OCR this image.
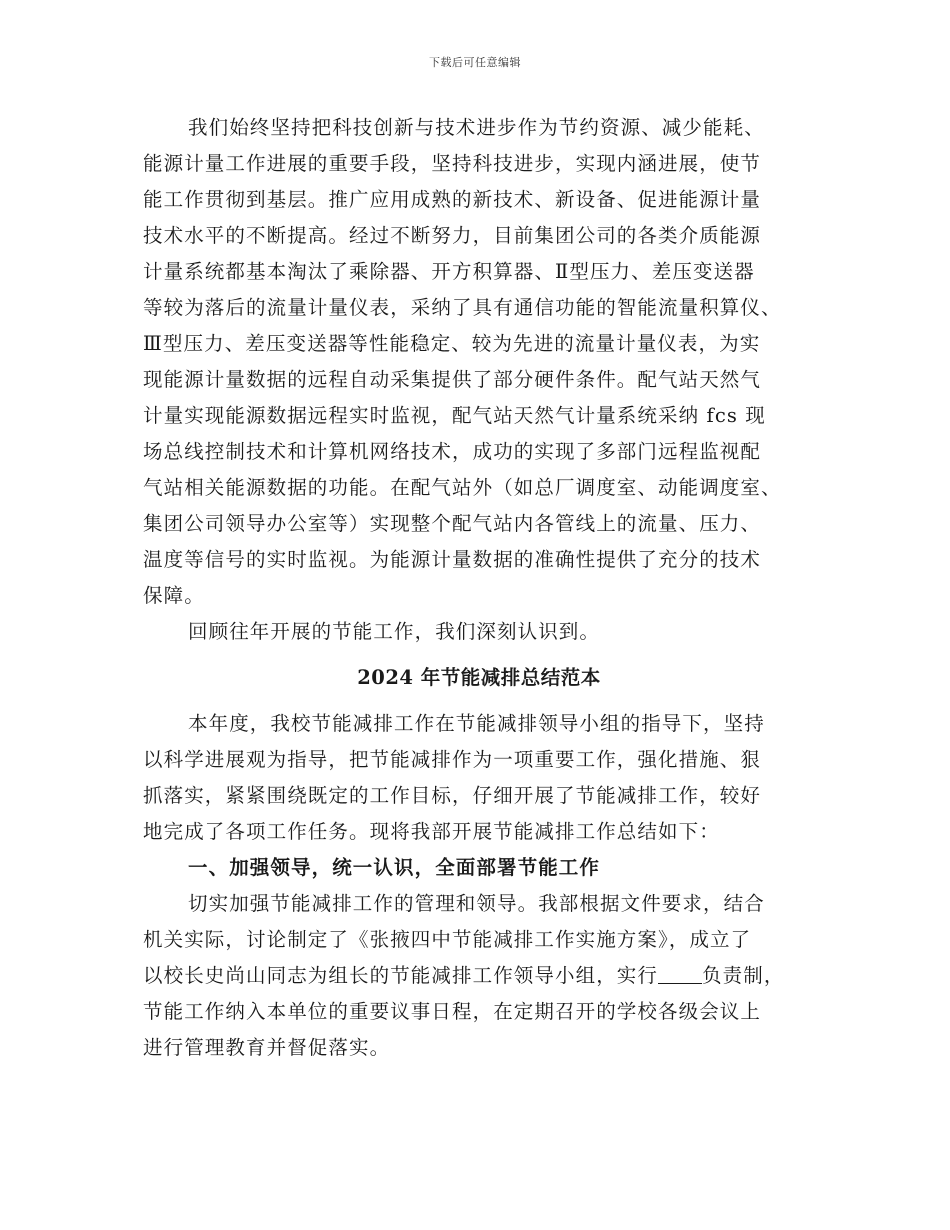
下载后可任意编辑
我们始终坚持把科技创新与技术进步作为节约资源、减少能耗、
能源计量工作进展的重要手段，坚持科技进步，实现内涵进展，使节
能工作贯彻到基层。推广应用成熟的新技术、新设备、促进能源计量
技术水平的不断提高。经过不断努力，目前集团公司的各类介质能源
计量系统都基本淘汰了乘除器、开方积算器、Ⅱ型压力、差压变送器
等较为落后的流量计量仪表，采纳了具有通信功能的智能流量积算仪、
Ⅲ型压力、差压变送器等性能稳定、较为先进的流量计量仪表，为实
现能源计量数据的远程自动采集提供了部分硬件条件。配气站天然气
计量实现能源数据远程实时监视，配气站天然气计量系统采纳 fcs 现
场总线控制技术和计算机网络技术，成功的实现了多部门远程监视配
气站相关能源数据的功能。在配气站外（如总厂调度室、动能调度室、
集团公司领导办公室等）实现整个配气站内各管线上的流量、压力、
温度等信号的实时监视。为能源计量数据的准确性提供了充分的技术
保障。
回顾往年开展的节能工作，我们深刻认识到。
2024 年节能减排总结范本
本年度，我校节能减排工作在节能减排领导小组的指导下，坚持
以科学进展观为指导，把节能减排作为一项重要工作，强化措施、狠
抓落实，紧紧围绕既定的工作目标，仔细开展了节能减排工作，较好
地完成了各项工作任务。现将我部开展节能减排工作总结如下：
一、加强领导，统一认识，全面部署节能工作
切实加强节能减排工作的管理和领导。我部根据文件要求，结合
机关实际，讨论制定了《张掖四中节能减排工作实施方案》，成立了
以校长史尚山同志为组长的节能减排工作领导小组，实行 负责制，
节能工作纳入本单位的重要议事日程，在定期召开的学校各级会议上
进行管理教育并督促落实。
